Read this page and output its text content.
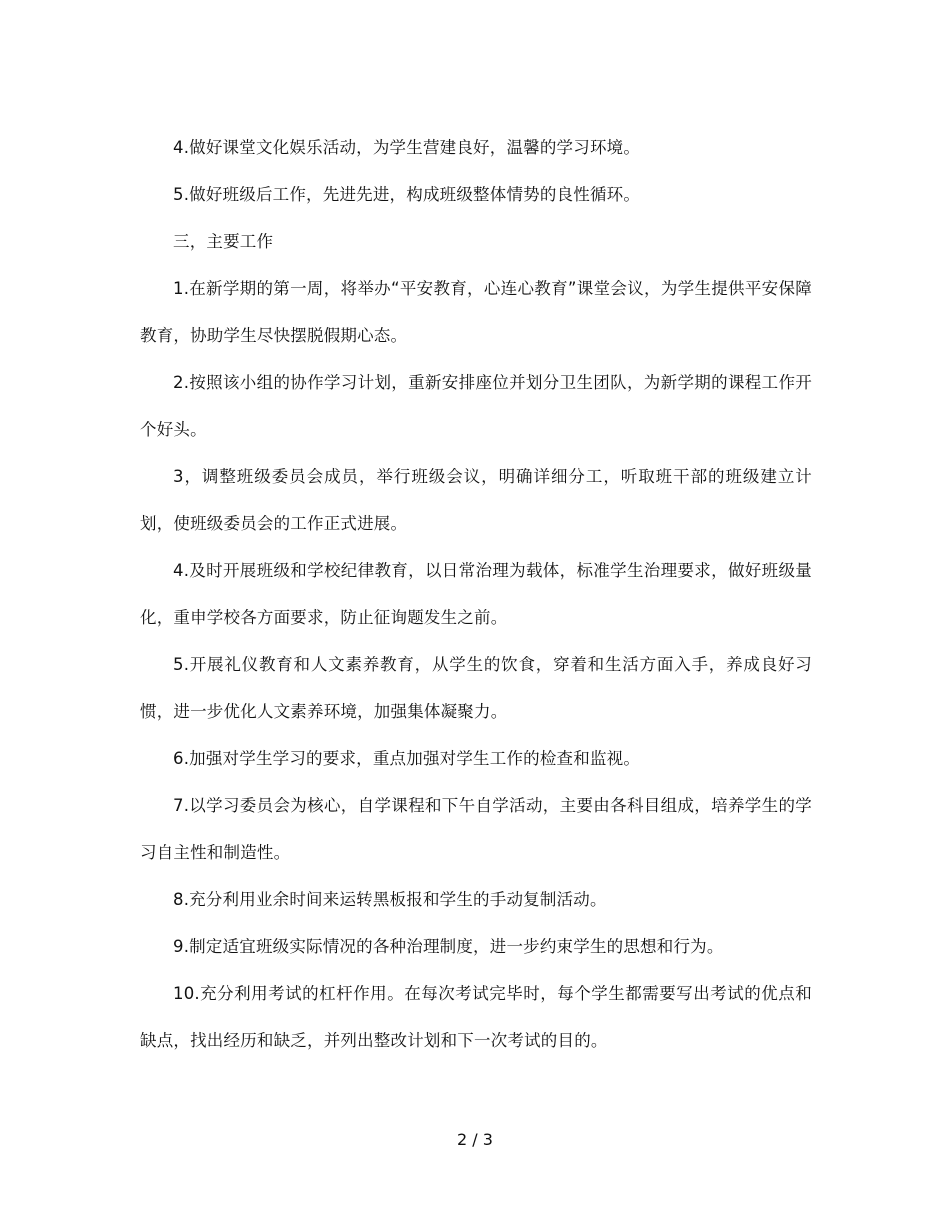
4.做好课堂文化娱乐活动，为学生营建良好，温馨的学习环境。

5.做好班级后工作，先进先进，构成班级整体情势的良性循环。

三，主要工作

1.在新学期的第一周，将举办“平安教育，心连心教育”课堂会议，为学生提供平安保障教育，协助学生尽快摆脱假期心态。

2.按照该小组的协作学习计划，重新安排座位并划分卫生团队，为新学期的课程工作开个好头。

3，调整班级委员会成员，举行班级会议，明确详细分工，听取班干部的班级建立计划，使班级委员会的工作正式进展。

4.及时开展班级和学校纪律教育，以日常治理为载体，标准学生治理要求，做好班级量化，重申学校各方面要求，防止征询题发生之前。

5.开展礼仪教育和人文素养教育，从学生的饮食，穿着和生活方面入手，养成良好习惯，进一步优化人文素养环境，加强集体凝聚力。

6.加强对学生学习的要求，重点加强对学生工作的检查和监视。

7.以学习委员会为核心，自学课程和下午自学活动，主要由各科目组成，培养学生的学习自主性和制造性。

8.充分利用业余时间来运转黑板报和学生的手动复制活动。

9.制定适宜班级实际情况的各种治理制度，进一步约束学生的思想和行为。

10.充分利用考试的杠杆作用。在每次考试完毕时，每个学生都需要写出考试的优点和缺点，找出经历和缺乏，并列出整改计划和下一次考试的目的。

2 / 3
